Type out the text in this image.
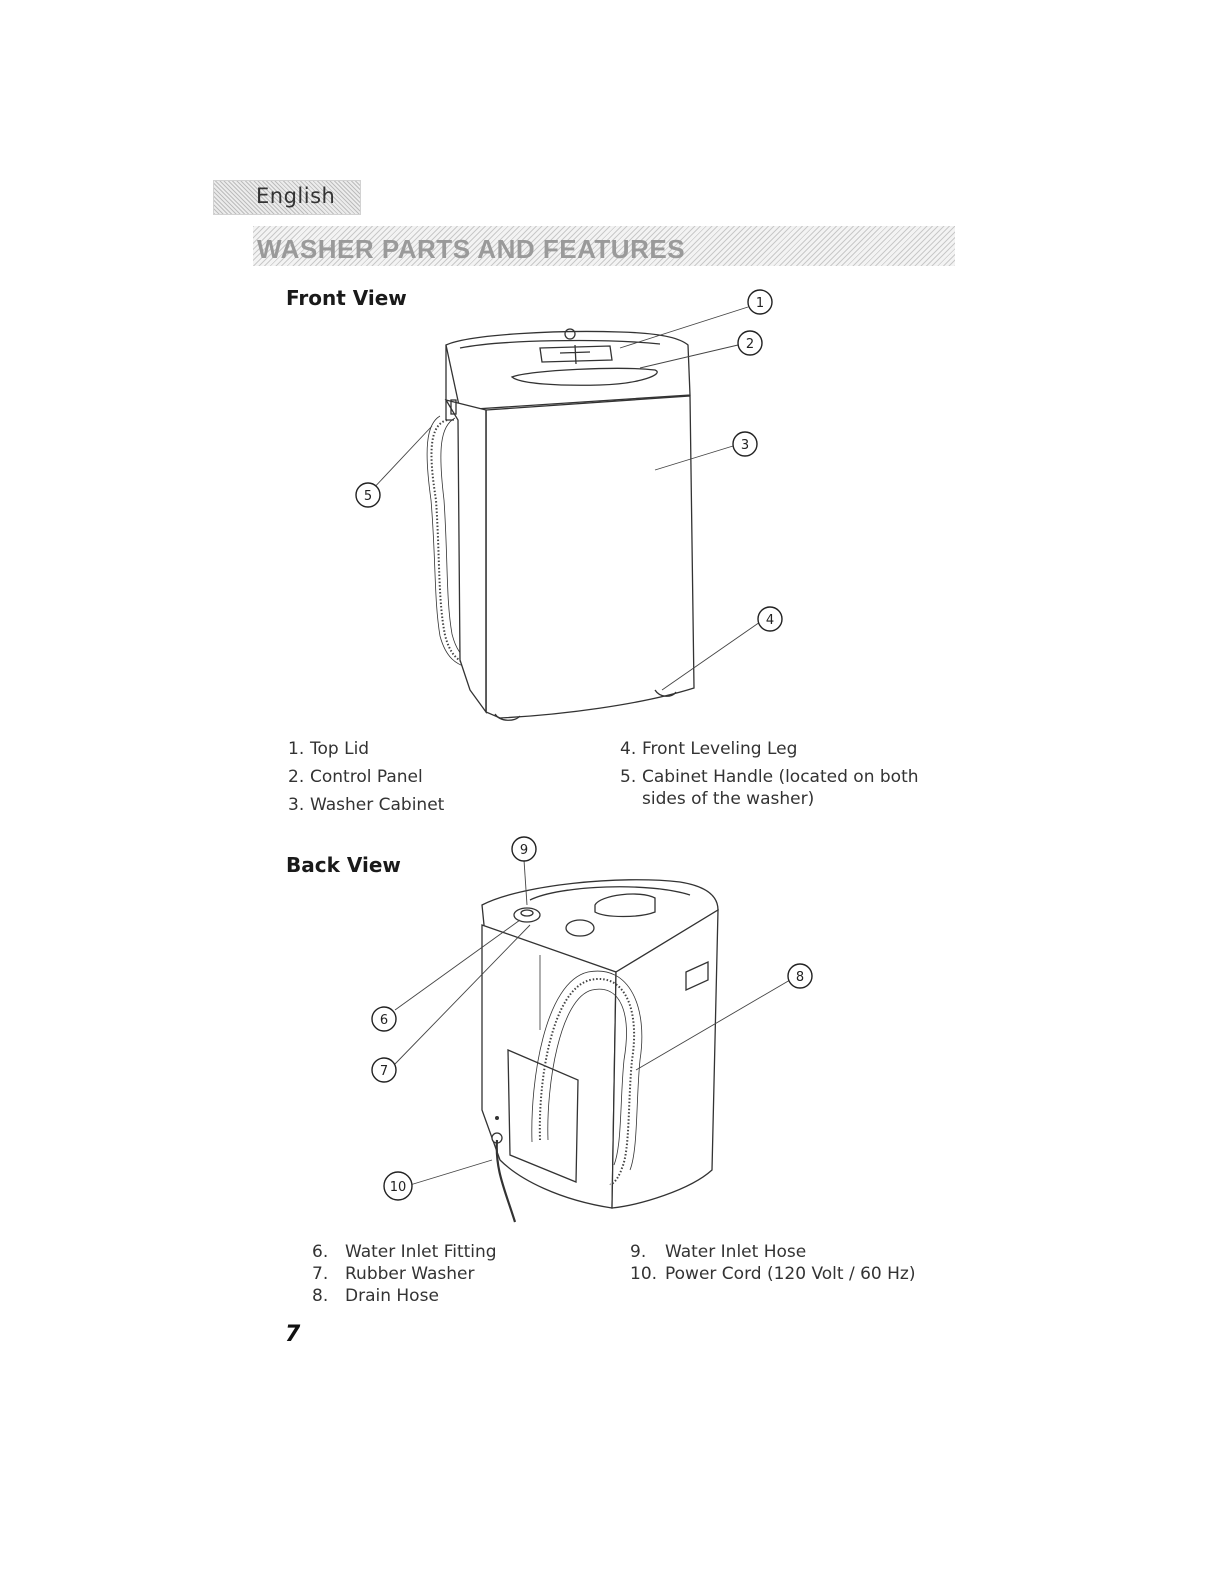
English
WASHER PARTS AND FEATURES
Front View	1
2
3
4
5
6
7
8
9
10
1. Top Lid
2. Control Panel
3. Washer Cabinet
4. Front Leveling Leg
5. Cabinet Handle (located on both
sides of the washer)
Back View
6. Water Inlet Fitting
7. Rubber Washer
8. Drain Hose
9.	Water Inlet Hose
10. Power Cord (120 Volt / 60 Hz)
7
